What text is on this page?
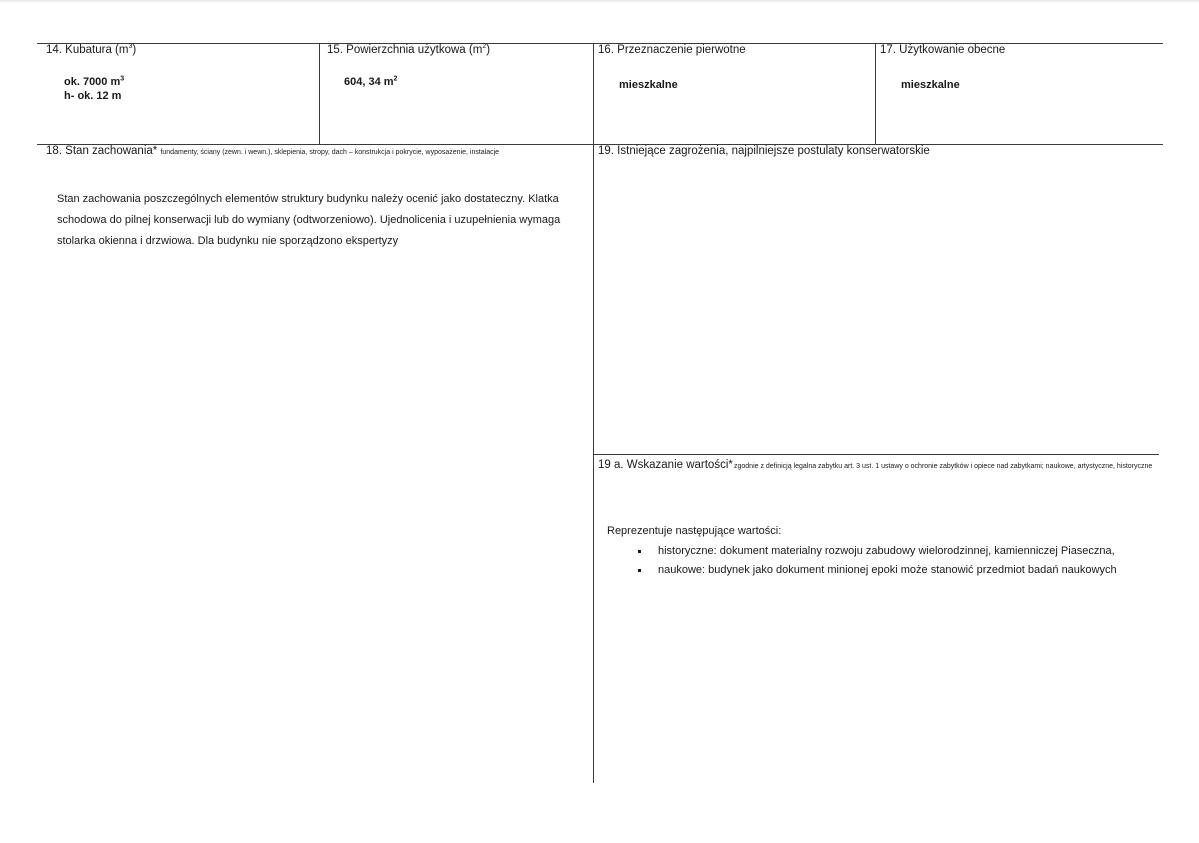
14. Kubatura $(m^3)$
ok. 7000 $m^3$
h- ok. 12 m
15. Powierzchnia użytkowa $(m^2)$
604, 34 $m^2$
16. Przeznaczenie pierwotne
mieszkalne
17. Użytkowanie obecne
mieszkalne
18. Stan zachowania* fundamenty, ściany (zewn. i wewn.), sklepienia, stropy, dach – konstrukcja i pokrycie, wyposażenie, instalacje
Stan zachowania poszczególnych elementów struktury budynku należy ocenić jako dostateczny. Klatka
schodowa do pilnej konserwacji lub do wymiany (odtworzeniowo). Ujednolicenia i uzupełnienia wymaga
stolarka okienna i drzwiowa. Dla budynku nie sporządzono ekspertyzy
19. Istniejące zagrożenia, najpilniejsze postulaty konserwatorskie
19 a. Wskazanie wartości* zgodnie z definicją legalna zabytku art. 3 ust. 1 ustawy o ochronie zabytków i opiece nad zabytkami; naukowe, artystyczne, historyczne
Reprezentuje następujące wartości:
historyczne: dokument materialny rozwoju zabudowy wielorodzinnej, kamienniczej Piaseczna,
naukowe: budynek jako dokument minionej epoki może stanowić przedmiot badań naukowych
